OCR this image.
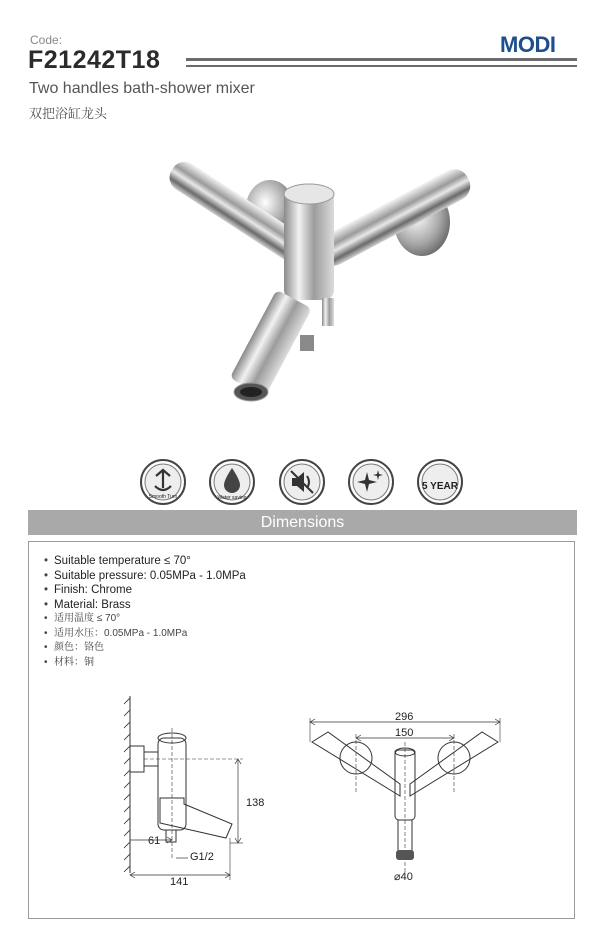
Code:
F21242T18
MODI
Two handles bath-shower mixer
双把浴缸龙头
Smooth Turn	Water saving
5 YEAR
Dimensions
• Suitable temperature ≤ 70°
• Suitable pressure: 0.05MPa - 1.0MPa
• Finish: Chrome
• Material: Brass
• 适用温度 ≤ 70°
• 适用水压：0.05MPa - 1.0MPa
• 颜色：铬色
• 材料：铜
138
61
G1/2
141
296
150
⌀40
